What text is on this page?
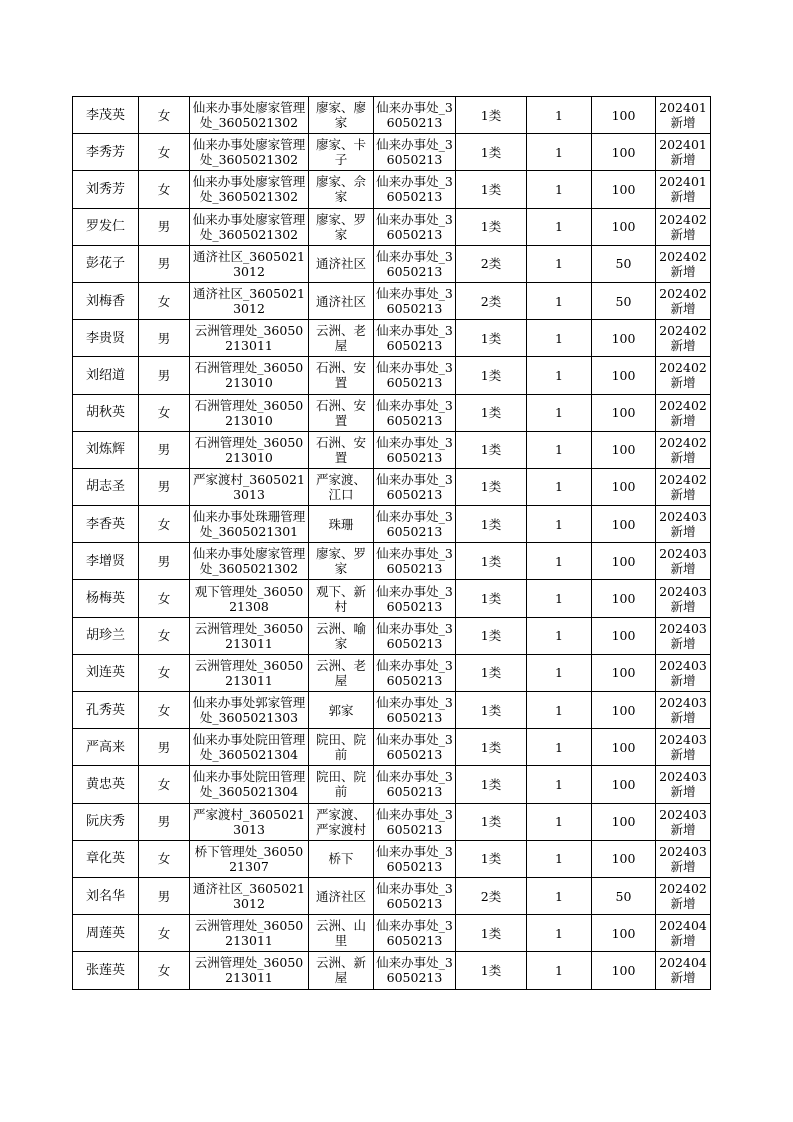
李茂英	女	仙来办事处廖家管理处_3605021302	廖家、廖家	仙来办事处_36050213	1类	1	100	202401新增
李秀芳	女	仙来办事处廖家管理处_3605021302	廖家、卡子	仙来办事处_36050213	1类	1	100	202401新增
刘秀芳	女	仙来办事处廖家管理处_3605021302	廖家、佘家	仙来办事处_36050213	1类	1	100	202401新增
罗发仁	男	仙来办事处廖家管理处_3605021302	廖家、罗家	仙来办事处_36050213	1类	1	100	202402新增
彭花子	男	通济社区_36050213012	通济社区	仙来办事处_36050213	2类	1	50	202402新增
刘梅香	女	通济社区_36050213012	通济社区	仙来办事处_36050213	2类	1	50	202402新增
李贵贤	男	云洲管理处_36050213011	云洲、老屋	仙来办事处_36050213	1类	1	100	202402新增
刘绍道	男	石洲管理处_36050213010	石洲、安置	仙来办事处_36050213	1类	1	100	202402新增
胡秋英	女	石洲管理处_36050213010	石洲、安置	仙来办事处_36050213	1类	1	100	202402新增
刘炼辉	男	石洲管理处_36050213010	石洲、安置	仙来办事处_36050213	1类	1	100	202402新增
胡志圣	男	严家渡村_36050213013	严家渡、江口	仙来办事处_36050213	1类	1	100	202402新增
李香英	女	仙来办事处珠珊管理处_3605021301	珠珊	仙来办事处_36050213	1类	1	100	202403新增
李增贤	男	仙来办事处廖家管理处_3605021302	廖家、罗家	仙来办事处_36050213	1类	1	100	202403新增
杨梅英	女	观下管理处_3605021308	观下、新村	仙来办事处_36050213	1类	1	100	202403新增
胡珍兰	女	云洲管理处_36050213011	云洲、喻家	仙来办事处_36050213	1类	1	100	202403新增
刘连英	女	云洲管理处_36050213011	云洲、老屋	仙来办事处_36050213	1类	1	100	202403新增
孔秀英	女	仙来办事处郭家管理处_3605021303	郭家	仙来办事处_36050213	1类	1	100	202403新增
严高来	男	仙来办事处院田管理处_3605021304	院田、院前	仙来办事处_36050213	1类	1	100	202403新增
黄忠英	女	仙来办事处院田管理处_3605021304	院田、院前	仙来办事处_36050213	1类	1	100	202403新增
阮庆秀	男	严家渡村_36050213013	严家渡、严家渡村	仙来办事处_36050213	1类	1	100	202403新增
章化英	女	桥下管理处_3605021307	桥下	仙来办事处_36050213	1类	1	100	202403新增
刘名华	男	通济社区_36050213012	通济社区	仙来办事处_36050213	2类	1	50	202402新增
周莲英	女	云洲管理处_36050213011	云洲、山里	仙来办事处_36050213	1类	1	100	202404新增
张莲英	女	云洲管理处_36050213011	云洲、新屋	仙来办事处_36050213	1类	1	100	202404新增
